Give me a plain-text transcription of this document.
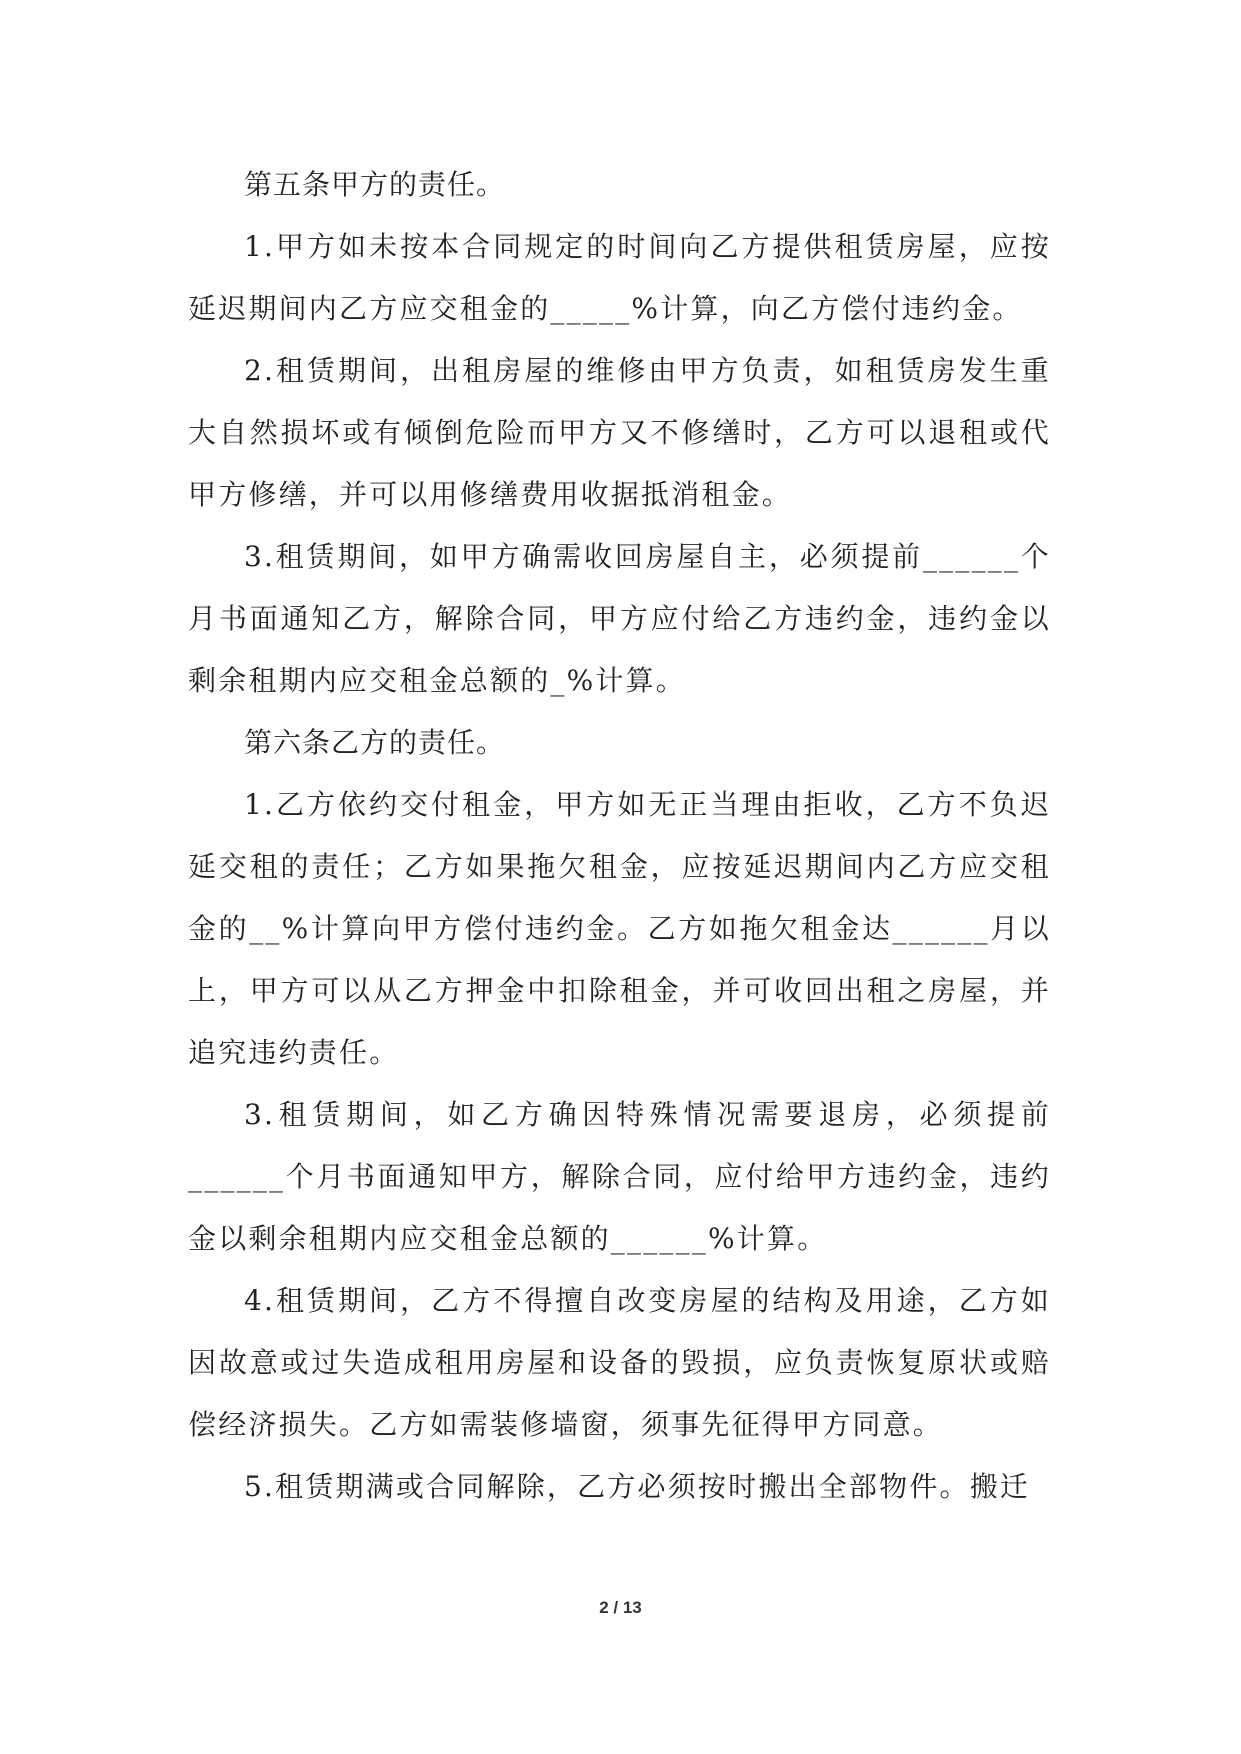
第五条甲方的责任。

1.甲方如未按本合同规定的时间向乙方提供租赁房屋，应按延迟期间内乙方应交租金的_____%计算，向乙方偿付违约金。

2.租赁期间，出租房屋的维修由甲方负责，如租赁房发生重大自然损坏或有倾倒危险而甲方又不修缮时，乙方可以退租或代甲方修缮，并可以用修缮费用收据抵消租金。

3.租赁期间，如甲方确需收回房屋自主，必须提前______个月书面通知乙方，解除合同，甲方应付给乙方违约金，违约金以剩余租期内应交租金总额的_%计算。

第六条乙方的责任。

1.乙方依约交付租金，甲方如无正当理由拒收，乙方不负迟延交租的责任；乙方如果拖欠租金，应按延迟期间内乙方应交租金的__%计算向甲方偿付违约金。乙方如拖欠租金达______月以上，甲方可以从乙方押金中扣除租金，并可收回出租之房屋，并追究违约责任。

3.租赁期间，如乙方确因特殊情况需要退房，必须提前______个月书面通知甲方，解除合同，应付给甲方违约金，违约金以剩余租期内应交租金总额的______%计算。

4.租赁期间，乙方不得擅自改变房屋的结构及用途，乙方如因故意或过失造成租用房屋和设备的毁损，应负责恢复原状或赔偿经济损失。乙方如需装修墙窗，须事先征得甲方同意。

5.租赁期满或合同解除，乙方必须按时搬出全部物件。搬迁

2 / 13
